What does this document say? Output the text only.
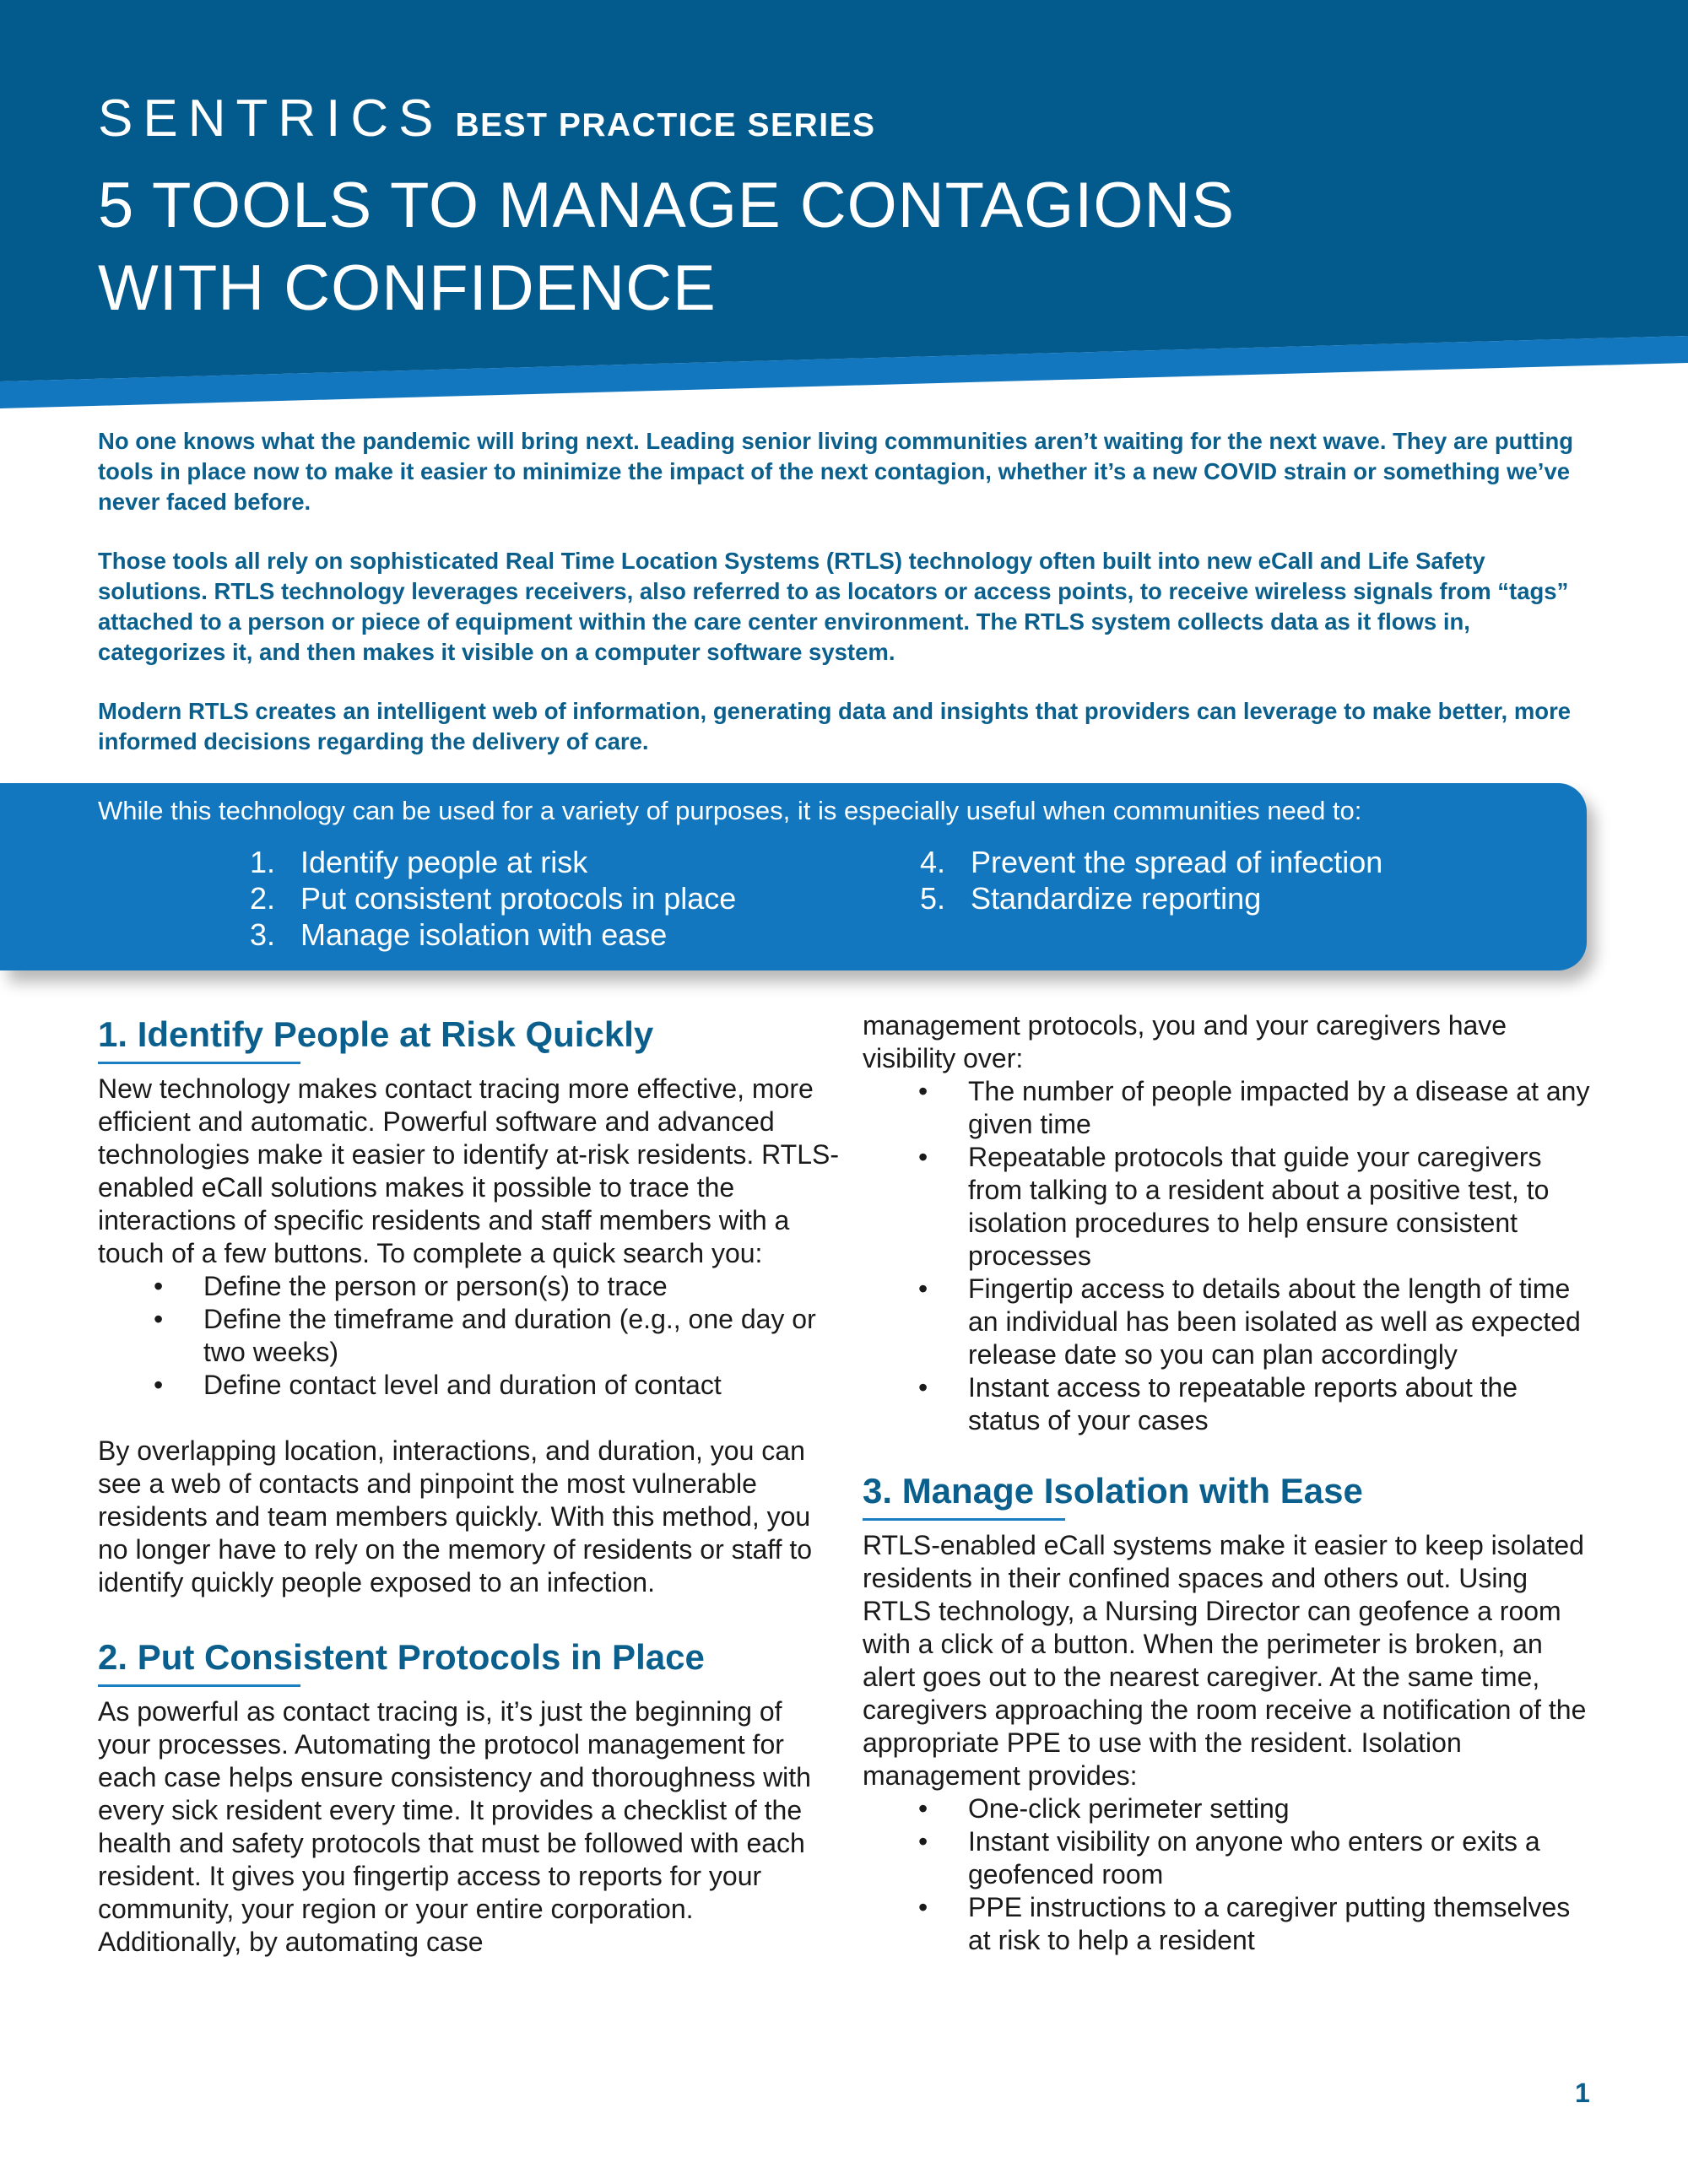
SENTRICS BEST PRACTICE SERIES
5 TOOLS TO MANAGE CONTAGIONS
WITH CONFIDENCE

No one knows what the pandemic will bring next. Leading senior living communities aren’t waiting for the next wave. They are putting tools in place now to make it easier to minimize the impact of the next contagion, whether it’s a new COVID strain or something we’ve never faced before.

Those tools all rely on sophisticated Real Time Location Systems (RTLS) technology often built into new eCall and Life Safety solutions. RTLS technology leverages receivers, also referred to as locators or access points, to receive wireless signals from “tags” attached to a person or piece of equipment within the care center environment. The RTLS system collects data as it flows in, categorizes it, and then makes it visible on a computer software system.

Modern RTLS creates an intelligent web of information, generating data and insights that providers can leverage to make better, more informed decisions regarding the delivery of care.

While this technology can be used for a variety of purposes, it is especially useful when communities need to:

1. Identify people at risk
2. Put consistent protocols in place
3. Manage isolation with ease
4. Prevent the spread of infection
5. Standardize reporting
1. Identify People at Risk Quickly

New technology makes contact tracing more effective, more efficient and automatic. Powerful software and advanced technologies make it easier to identify at-risk residents. RTLS-enabled eCall solutions makes it possible to trace the interactions of specific residents and staff members with a touch of a few buttons. To complete a quick search you:

• Define the person or person(s) to trace
• Define the timeframe and duration (e.g., one day or two weeks)
• Define contact level and duration of contact

By overlapping location, interactions, and duration, you can see a web of contacts and pinpoint the most vulnerable residents and team members quickly. With this method, you no longer have to rely on the memory of residents or staff to identify quickly people exposed to an infection.

2. Put Consistent Protocols in Place

As powerful as contact tracing is, it’s just the beginning of your processes. Automating the protocol management for each case helps ensure consistency and thoroughness with every sick resident every time. It provides a checklist of the health and safety protocols that must be followed with each resident. It gives you fingertip access to reports for your community, your region or your entire corporation. Additionally, by automating case

management protocols, you and your caregivers have visibility over:

• The number of people impacted by a disease at any given time
• Repeatable protocols that guide your caregivers from talking to a resident about a positive test, to isolation procedures to help ensure consistent processes
• Fingertip access to details about the length of time an individual has been isolated as well as expected release date so you can plan accordingly
• Instant access to repeatable reports about the status of your cases
3. Manage Isolation with Ease

RTLS-enabled eCall systems make it easier to keep isolated residents in their confined spaces and others out. Using RTLS technology, a Nursing Director can geofence a room with a click of a button. When the perimeter is broken, an alert goes out to the nearest caregiver. At the same time, caregivers approaching the room receive a notification of the appropriate PPE to use with the resident. Isolation management provides:

• One-click perimeter setting
• Instant visibility on anyone who enters or exits a geofenced room
• PPE instructions to a caregiver putting themselves at risk to help a resident
1
